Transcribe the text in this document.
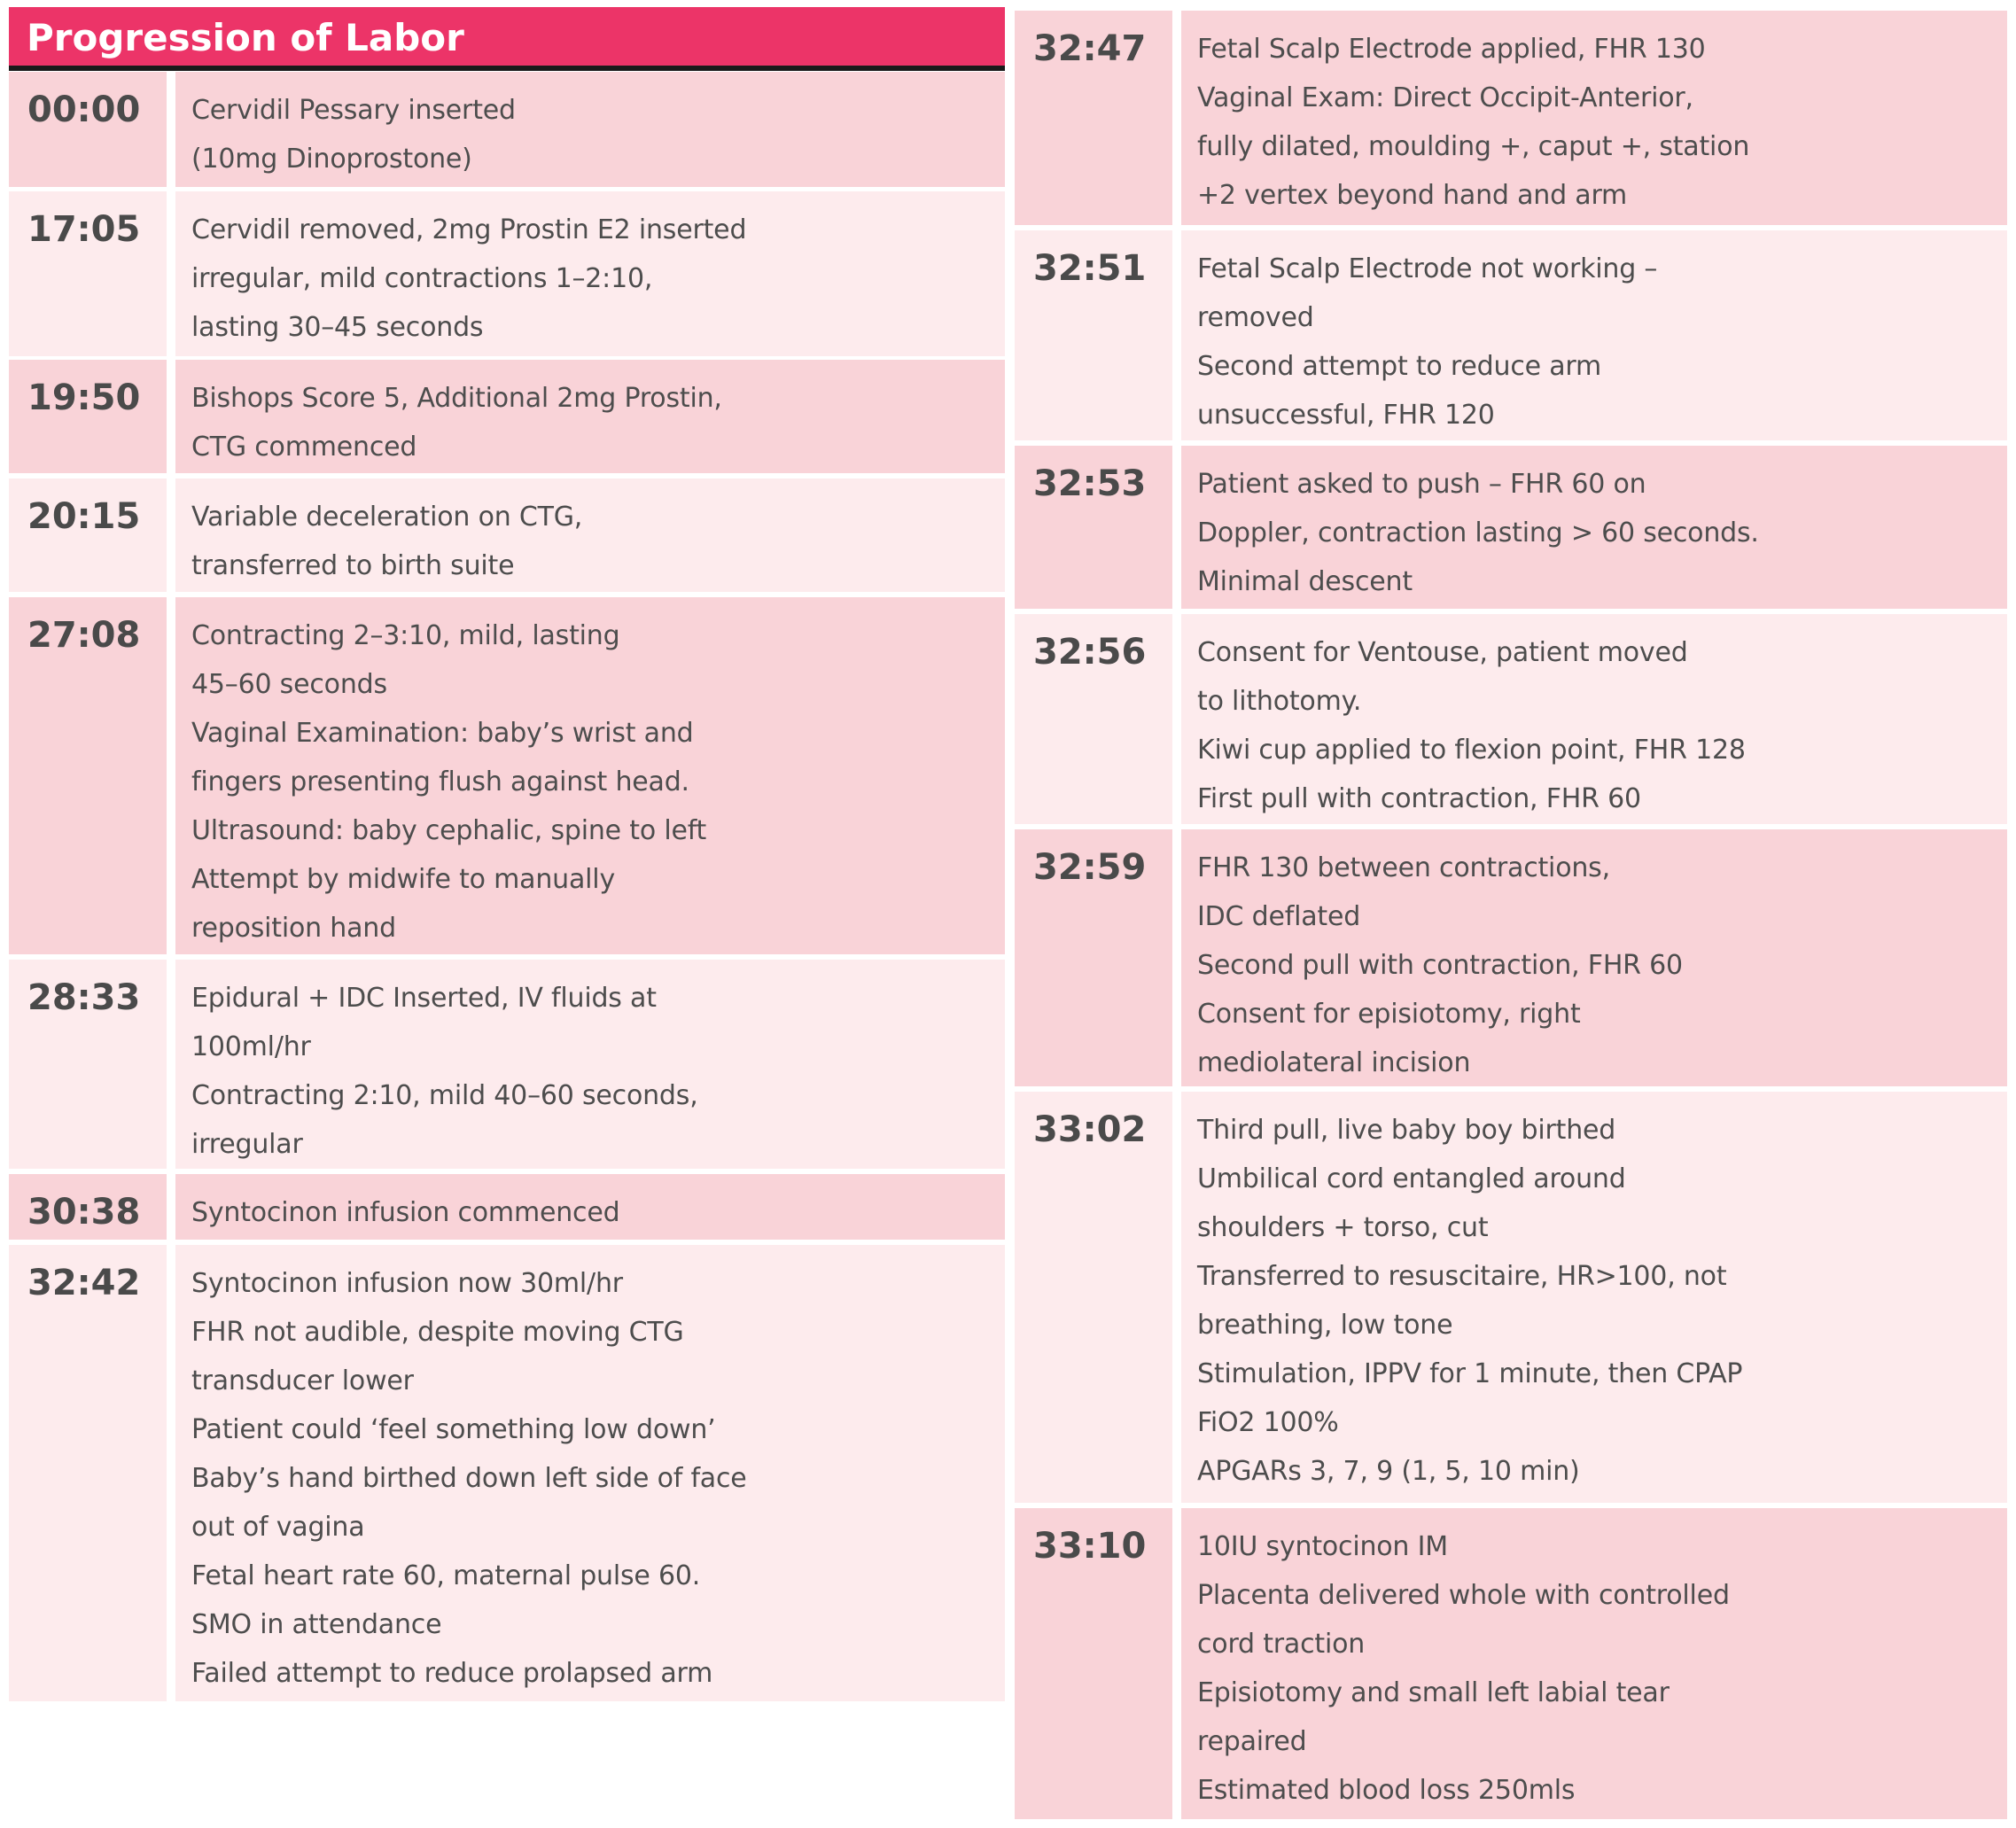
Progression of Labor
00:00 Cervidil Pessary inserted
(10mg Dinoprostone)
17:05 Cervidil removed, 2mg Prostin E2 inserted
irregular, mild contractions 1–2:10,
lasting 30–45 seconds
19:50 Bishops Score 5, Additional 2mg Prostin,
CTG commenced
20:15 Variable deceleration on CTG,
transferred to birth suite
27:08 Contracting 2–3:10, mild, lasting
45–60 seconds
Vaginal Examination: baby’s wrist and
fingers presenting flush against head.
Ultrasound: baby cephalic, spine to left
Attempt by midwife to manually
reposition hand
28:33 Epidural + IDC Inserted, IV fluids at
100ml/hr
Contracting 2:10, mild 40–60 seconds,
irregular
30:38 Syntocinon infusion commenced
32:42 Syntocinon infusion now 30ml/hr
FHR not audible, despite moving CTG
transducer lower
Patient could ‘feel something low down’
Baby’s hand birthed down left side of face
out of vagina
Fetal heart rate 60, maternal pulse 60.
SMO in attendance
Failed attempt to reduce prolapsed arm
32:47 Fetal Scalp Electrode applied, FHR 130
Vaginal Exam: Direct Occipit-Anterior,
fully dilated, moulding +, caput +, station
+2 vertex beyond hand and arm
32:51 Fetal Scalp Electrode not working –
removed
Second attempt to reduce arm
unsuccessful, FHR 120
32:53 Patient asked to push – FHR 60 on
Doppler, contraction lasting > 60 seconds.
Minimal descent
32:56 Consent for Ventouse, patient moved
to lithotomy.
Kiwi cup applied to flexion point, FHR 128
First pull with contraction, FHR 60
32:59 FHR 130 between contractions,
IDC deflated
Second pull with contraction, FHR 60
Consent for episiotomy, right
mediolateral incision
33:02 Third pull, live baby boy birthed
Umbilical cord entangled around
shoulders + torso, cut
Transferred to resuscitaire, HR>100, not
breathing, low tone
Stimulation, IPPV for 1 minute, then CPAP
FiO2 100%
APGARs 3, 7, 9 (1, 5, 10 min)
33:10 10IU syntocinon IM
Placenta delivered whole with controlled
cord traction
Episiotomy and small left labial tear
repaired
Estimated blood loss 250mls
